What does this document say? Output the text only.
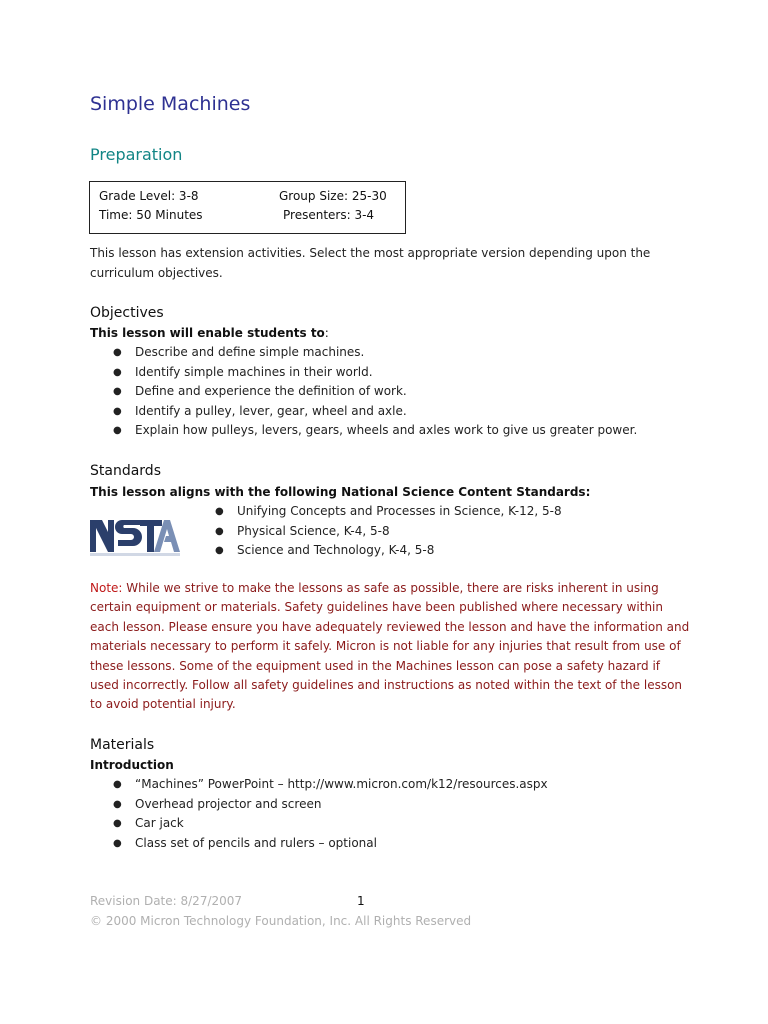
Simple Machines
Preparation
Grade Level: 3-8	Group Size: 25-30
Time: 50 Minutes	Presenters: 3-4

This lesson has extension activities. Select the most appropriate version depending upon the curriculum objectives.

Objectives

This lesson will enable students to:

● Describe and define simple machines.
● Identify simple machines in their world.
● Define and experience the definition of work.
● Identify a pulley, lever, gear, wheel and axle.
● Explain how pulleys, levers, gears, wheels and axles work to give us greater power.
Standards

This lesson aligns with the following National Science Content Standards:

● Unifying Concepts and Processes in Science, K-12, 5-8
● Physical Science, K-4, 5-8
● Science and Technology, K-4, 5-8

Note: While we strive to make the lessons as safe as possible, there are risks inherent in using certain equipment or materials. Safety guidelines have been published where necessary within each lesson. Please ensure you have adequately reviewed the lesson and have the information and materials necessary to perform it safely. Micron is not liable for any injuries that result from use of these lessons. Some of the equipment used in the Machines lesson can pose a safety hazard if used incorrectly. Follow all safety guidelines and instructions as noted within the text of the lesson to avoid potential injury.

Materials

Introduction

● “Machines” PowerPoint – http://www.micron.com/k12/resources.aspx
● Overhead projector and screen
● Car jack
● Class set of pencils and rulers – optional
Revision Date: 8/27/2007	1
© 2000 Micron Technology Foundation, Inc. All Rights Reserved
